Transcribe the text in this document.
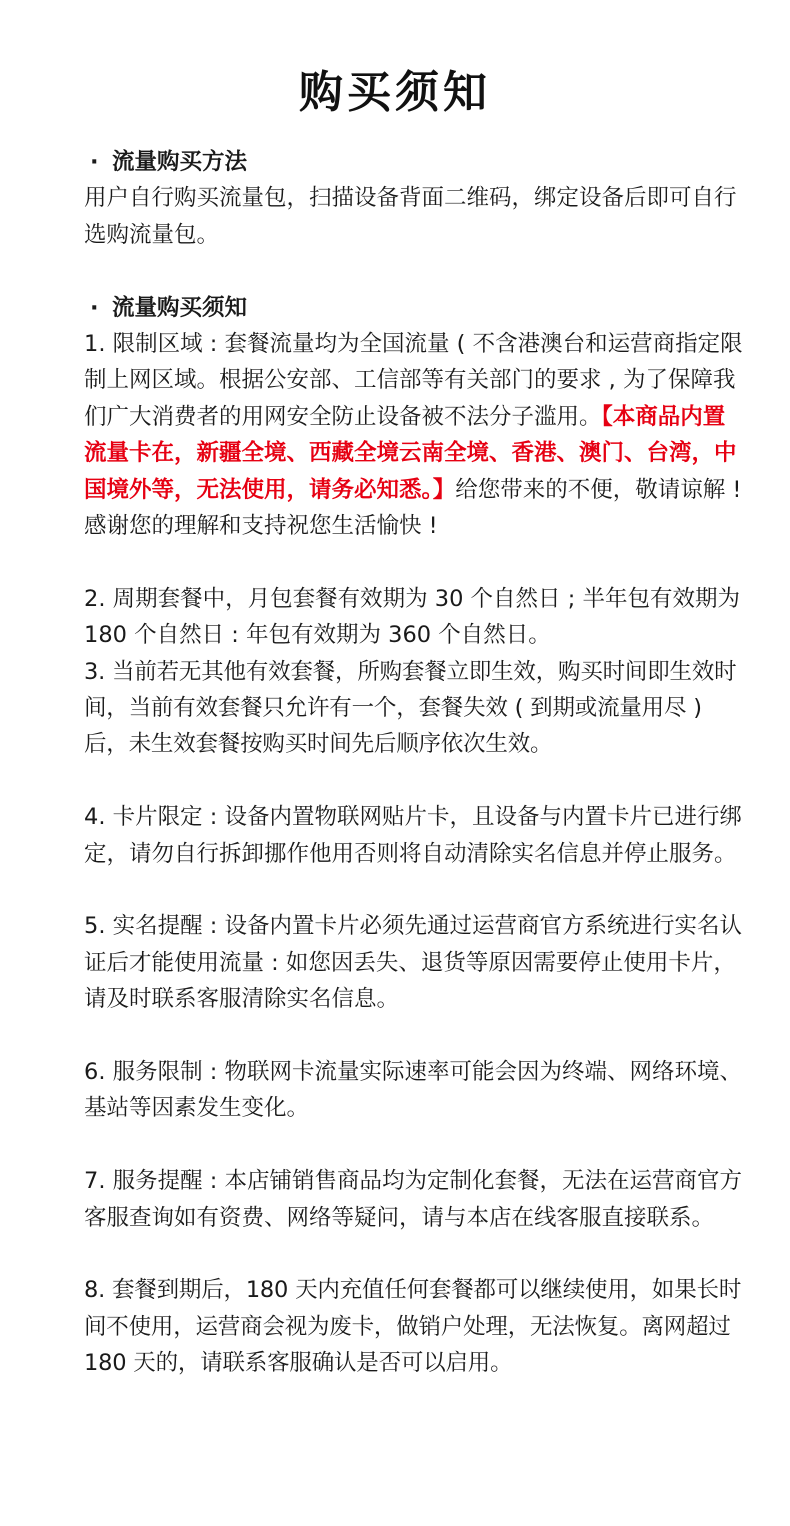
购买须知

· 流量购买方法

用户自行购买流量包，扫描设备背面二维码，绑定设备后即可自行选购流量包。

· 流量购买须知

1. 限制区域 : 套餐流量均为全国流量 ( 不含港澳台和运营商指定限制上网区域。根据公安部、工信部等有关部门的要求 , 为了保障我们广大消费者的用网安全防止设备被不法分子滥用。【本商品内置流量卡在，新疆全境、西藏全境云南全境、香港、澳门、台湾，中国境外等，无法使用，请务必知悉。】给您带来的不便，敬请谅解 ! 感谢您的理解和支持祝您生活愉快 !

2. 周期套餐中，月包套餐有效期为 30 个自然日 ; 半年包有效期为 180 个自然日 : 年包有效期为 360 个自然日。

3. 当前若无其他有效套餐，所购套餐立即生效，购买时间即生效时间，当前有效套餐只允许有一个，套餐失效 ( 到期或流量用尽 ) 后，未生效套餐按购买时间先后顺序依次生效。

4. 卡片限定 : 设备内置物联网贴片卡，且设备与内置卡片已进行绑定，请勿自行拆卸挪作他用否则将自动清除实名信息并停止服务。

5. 实名提醒 : 设备内置卡片必须先通过运营商官方系统进行实名认证后才能使用流量 : 如您因丢失、退货等原因需要停止使用卡片，请及时联系客服清除实名信息。

6. 服务限制 : 物联网卡流量实际速率可能会因为终端、网络环境、基站等因素发生变化。

7. 服务提醒 : 本店铺销售商品均为定制化套餐，无法在运营商官方客服查询如有资费、网络等疑问，请与本店在线客服直接联系。

8. 套餐到期后，180 天内充值任何套餐都可以继续使用，如果长时间不使用，运营商会视为废卡，做销户处理，无法恢复。离网超过 180 天的，请联系客服确认是否可以启用。
